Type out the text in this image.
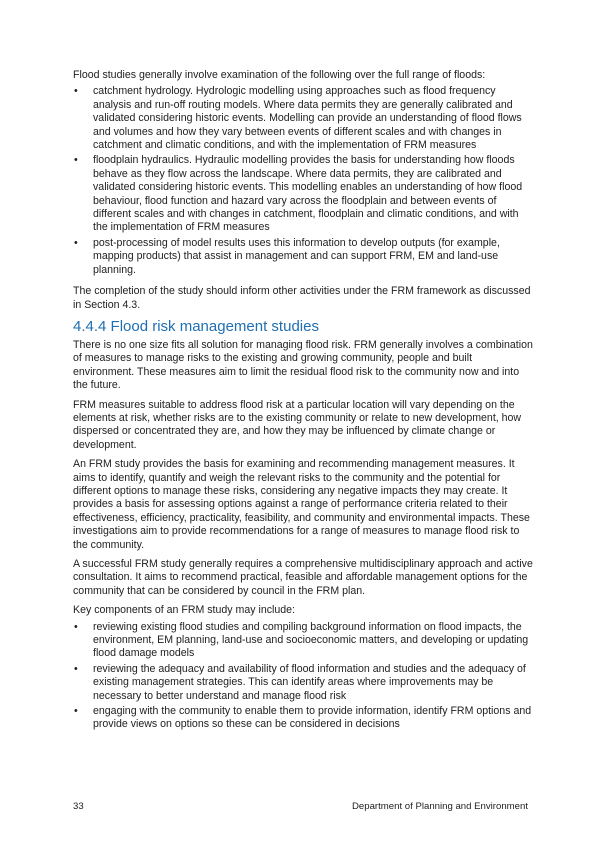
Flood studies generally involve examination of the following over the full range of floods:

• catchment hydrology. Hydrologic modelling using approaches such as flood frequency analysis and run-off routing models. Where data permits they are generally calibrated and validated considering historic events. Modelling can provide an understanding of flood flows and volumes and how they vary between events of different scales and with changes in catchment and climatic conditions, and with the implementation of FRM measures
• floodplain hydraulics. Hydraulic modelling provides the basis for understanding how floods behave as they flow across the landscape. Where data permits, they are calibrated and validated considering historic events. This modelling enables an understanding of how flood behaviour, flood function and hazard vary across the floodplain and between events of different scales and with changes in catchment, floodplain and climatic conditions, and with the implementation of FRM measures
• post-processing of model results uses this information to develop outputs (for example, mapping products) that assist in management and can support FRM, EM and land-use planning.

The completion of the study should inform other activities under the FRM framework as discussed in Section 4.3.

4.4.4 Flood risk management studies

There is no one size fits all solution for managing flood risk. FRM generally involves a combination of measures to manage risks to the existing and growing community, people and built environment. These measures aim to limit the residual flood risk to the community now and into the future.

FRM measures suitable to address flood risk at a particular location will vary depending on the elements at risk, whether risks are to the existing community or relate to new development, how dispersed or concentrated they are, and how they may be influenced by climate change or development.

An FRM study provides the basis for examining and recommending management measures. It aims to identify, quantify and weigh the relevant risks to the community and the potential for different options to manage these risks, considering any negative impacts they may create. It provides a basis for assessing options against a range of performance criteria related to their effectiveness, efficiency, practicality, feasibility, and community and environmental impacts. These investigations aim to provide recommendations for a range of measures to manage flood risk to the community.

A successful FRM study generally requires a comprehensive multidisciplinary approach and active consultation. It aims to recommend practical, feasible and affordable management options for the community that can be considered by council in the FRM plan.

Key components of an FRM study may include:

• reviewing existing flood studies and compiling background information on flood impacts, the environment, EM planning, land-use and socioeconomic matters, and developing or updating flood damage models
• reviewing the adequacy and availability of flood information and studies and the adequacy of existing management strategies. This can identify areas where improvements may be necessary to better understand and manage flood risk
• engaging with the community to enable them to provide information, identify FRM options and provide views on options so these can be considered in decisions
33	Department of Planning and Environment
